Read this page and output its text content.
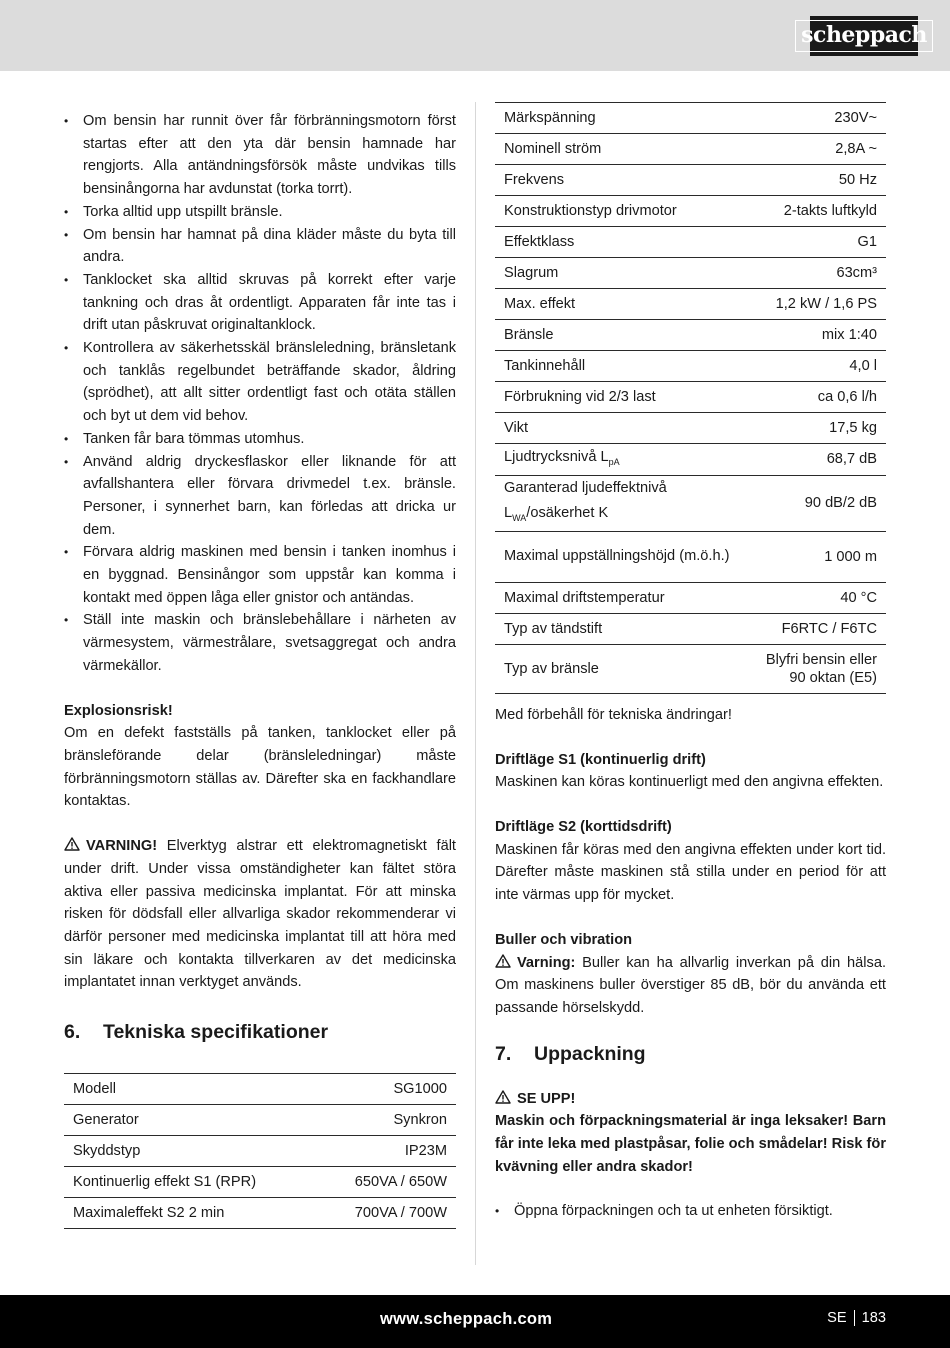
scheppach
• Om bensin har runnit över får förbränningsmotorn först startas efter att den yta där bensin hamnade har rengjorts. Alla antändningsförsök måste undvikas tills bensinångorna har avdunstat (torka torrt).
• Torka alltid upp utspillt bränsle.
• Om bensin har hamnat på dina kläder måste du byta till andra.
• Tanklocket ska alltid skruvas på korrekt efter varje tankning och dras åt ordentligt. Apparaten får inte tas i drift utan påskruvat originaltanklock.
• Kontrollera av säkerhetsskäl bränsleledning, bränsletank och tanklås regelbundet beträffande skador, åldring (sprödhet), att allt sitter ordentligt fast och otäta ställen och byt ut dem vid behov.
• Tanken får bara tömmas utomhus.
• Använd aldrig dryckesflaskor eller liknande för att avfallshantera eller förvara drivmedel t.ex. bränsle. Personer, i synnerhet barn, kan förledas att dricka ur dem.
• Förvara aldrig maskinen med bensin i tanken inomhus i en byggnad. Bensinångor som uppstår kan komma i kontakt med öppen låga eller gnistor och antändas.
• Ställ inte maskin och bränslebehållare i närheten av värmesystem, värmestrålare, svetsaggregat och andra värmekällor.

Explosionsrisk!

Om en defekt fastställs på tanken, tanklocket eller på bränsleförande delar (bränsleledningar) måste förbränningsmotorn ställas av. Därefter ska en fackhandlare kontaktas.

VARNING! Elverktyg alstrar ett elektromagnetiskt fält under drift. Under vissa omständigheter kan fältet störa aktiva eller passiva medicinska implantat. För att minska risken för dödsfall eller allvarliga skador rekommenderar vi därför personer med medicinska implantat till att höra med sin läkare och kontakta tillverkaren av det medicinska implantatet innan verktyget används.

6.	Tekniska specifikationer
Modell	SG1000
Generator	Synkron
Skyddstyp	IP23M
Kontinuerlig effekt S1 (RPR)	650VA / 650W
Maximaleffekt S2 2 min	700VA / 700W
Märkspänning	230V~
Nominell ström	2,8A ~
Frekvens	50 Hz
Konstruktionstyp drivmotor	2-takts luftkyld
Effektklass	G1
Slagrum	63cm³
Max. effekt	1,2 kW / 1,6 PS
Bränsle	mix 1:40
Tankinnehåll	4,0 l
Förbrukning vid 2/3 last	ca 0,6 l/h
Vikt	17,5 kg
Ljudtrycksnivå $L_{pA}$	68,7 dB

Garanterad ljudeffektnivå
$L_{WA}$/osäkerhet K	90 dB/2 dB
Maximal uppställningshöjd (m.ö.h.)	1 000 m
Maximal driftstemperatur	40 °C
Typ av tändstift	F6RTC / F6TC
Typ av bränsle	Blyfri bensin eller
90 oktan (E5)

Med förbehåll för tekniska ändringar!

Driftläge S1 (kontinuerlig drift)

Maskinen kan köras kontinuerligt med den angivna effekten.

Driftläge S2 (korttidsdrift)

Maskinen får köras med den angivna effekten under kort tid. Därefter måste maskinen stå stilla under en period för att inte värmas upp för mycket.

Buller och vibration

Varning: Buller kan ha allvarlig inverkan på din hälsa. Om maskinens buller överstiger 85 dB, bör du använda ett passande hörselskydd.

7.	Uppackning

SE UPP!

Maskin och förpackningsmaterial är inga leksaker! Barn får inte leka med plastpåsar, folie och smådelar! Risk för kvävning eller andra skador!

• Öppna förpackningen och ta ut enheten försiktigt.
www.scheppach.com	SE 183
